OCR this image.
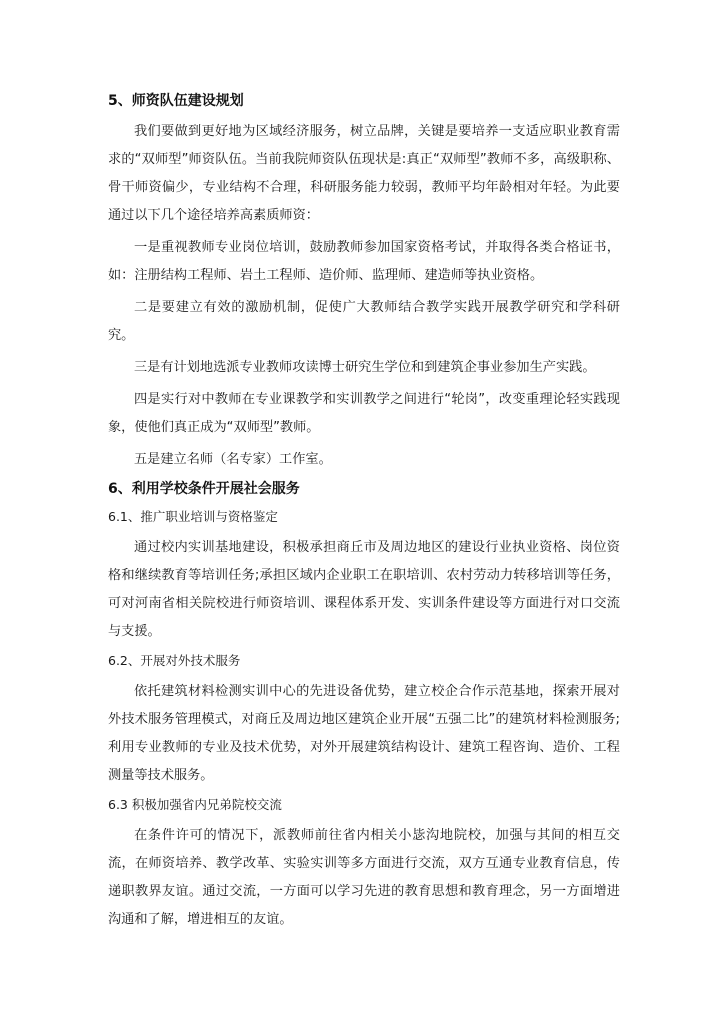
5、师资队伍建设规划

我们要做到更好地为区域经济服务，树立品牌，关键是要培养一支适应职业教育需求的“双师型”师资队伍。当前我院师资队伍现状是:真正“双师型”教师不多，高级职称、骨干师资偏少，专业结构不合理，科研服务能力较弱，教师平均年龄相对年轻。为此要通过以下几个途径培养高素质师资：

一是重视教师专业岗位培训，鼓励教师参加国家资格考试，并取得各类合格证书，如：注册结构工程师、岩土工程师、造价师、监理师、建造师等执业资格。

二是要建立有效的激励机制，促使广大教师结合教学实践开展教学研究和学科研究。

三是有计划地选派专业教师攻读博士研究生学位和到建筑企事业参加生产实践。

四是实行对中教师在专业课教学和实训教学之间进行“轮岗”，改变重理论轻实践现象，使他们真正成为“双师型”教师。

五是建立名师（名专家）工作室。

6、利用学校条件开展社会服务

6.1、推广职业培训与资格鉴定

通过校内实训基地建设，积极承担商丘市及周边地区的建设行业执业资格、岗位资格和继续教育等培训任务;承担区域内企业职工在职培训、农村劳动力转移培训等任务，可对河南省相关院校进行师资培训、课程体系开发、实训条件建设等方面进行对口交流与支援。

6.2、开展对外技术服务

依托建筑材料检测实训中心的先进设备优势，建立校企合作示范基地，探索开展对外技术服务管理模式，对商丘及周边地区建筑企业开展“五强二比”的建筑材料检测服务;利用专业教师的专业及技术优势，对外开展建筑结构设计、建筑工程咨询、造价、工程测量等技术服务。

6.3 积极加强省内兄弟院校交流

在条件许可的情况下，派教师前往省内相关小毖沟地院校，加强与其间的相互交流，在师资培养、教学改革、实验实训等多方面进行交流，双方互通专业教育信息，传递职教界友谊。通过交流，一方面可以学习先进的教育思想和教育理念，另一方面增进沟通和了解，增进相互的友谊。
